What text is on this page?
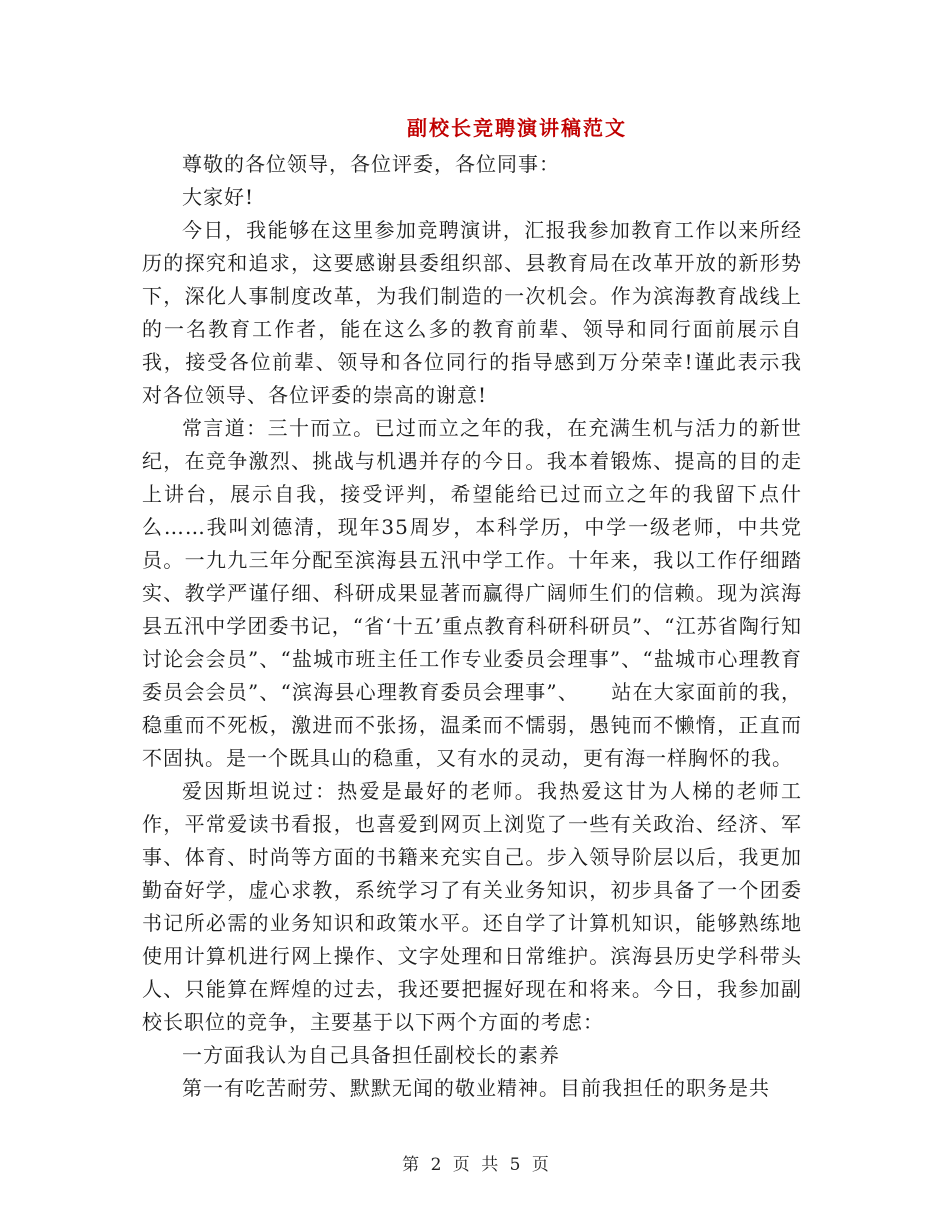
副校长竞聘演讲稿范文

尊敬的各位领导，各位评委，各位同事：

大家好!

今日，我能够在这里参加竞聘演讲，汇报我参加教育工作以来所经历的探究和追求，这要感谢县委组织部、县教育局在改革开放的新形势下，深化人事制度改革，为我们制造的一次机会。作为滨海教育战线上的一名教育工作者，能在这么多的教育前辈、领导和同行面前展示自我，接受各位前辈、领导和各位同行的指导感到万分荣幸!谨此表示我对各位领导、各位评委的崇高的谢意!

常言道：三十而立。已过而立之年的我，在充满生机与活力的新世纪，在竞争激烈、挑战与机遇并存的今日。我本着锻炼、提高的目的走上讲台，展示自我，接受评判，希望能给已过而立之年的我留下点什么……我叫刘德清，现年35周岁，本科学历，中学一级老师，中共党员。一九九三年分配至滨海县五汛中学工作。十年来，我以工作仔细踏实、教学严谨仔细、科研成果显著而赢得广阔师生们的信赖。现为滨海县五汛中学团委书记，“省‘十五’重点教育科研科研员”、“江苏省陶行知讨论会会员”、“盐城市班主任工作专业委员会理事”、“盐城市心理教育委员会会员”、“滨海县心理教育委员会理事”、　　站在大家面前的我，稳重而不死板，激进而不张扬，温柔而不懦弱，愚钝而不懒惰，正直而不固执。是一个既具山的稳重，又有水的灵动，更有海一样胸怀的我。

爱因斯坦说过：热爱是最好的老师。我热爱这甘为人梯的老师工作，平常爱读书看报，也喜爱到网页上浏览了一些有关政治、经济、军事、体育、时尚等方面的书籍来充实自己。步入领导阶层以后，我更加勤奋好学，虚心求教，系统学习了有关业务知识，初步具备了一个团委书记所必需的业务知识和政策水平。还自学了计算机知识，能够熟练地使用计算机进行网上操作、文字处理和日常维护。滨海县历史学科带头人、只能算在辉煌的过去，我还要把握好现在和将来。今日，我参加副校长职位的竞争，主要基于以下两个方面的考虑：

一方面我认为自己具备担任副校长的素养

第一有吃苦耐劳、默默无闻的敬业精神。目前我担任的职务是共

第 2 页 共 5 页
